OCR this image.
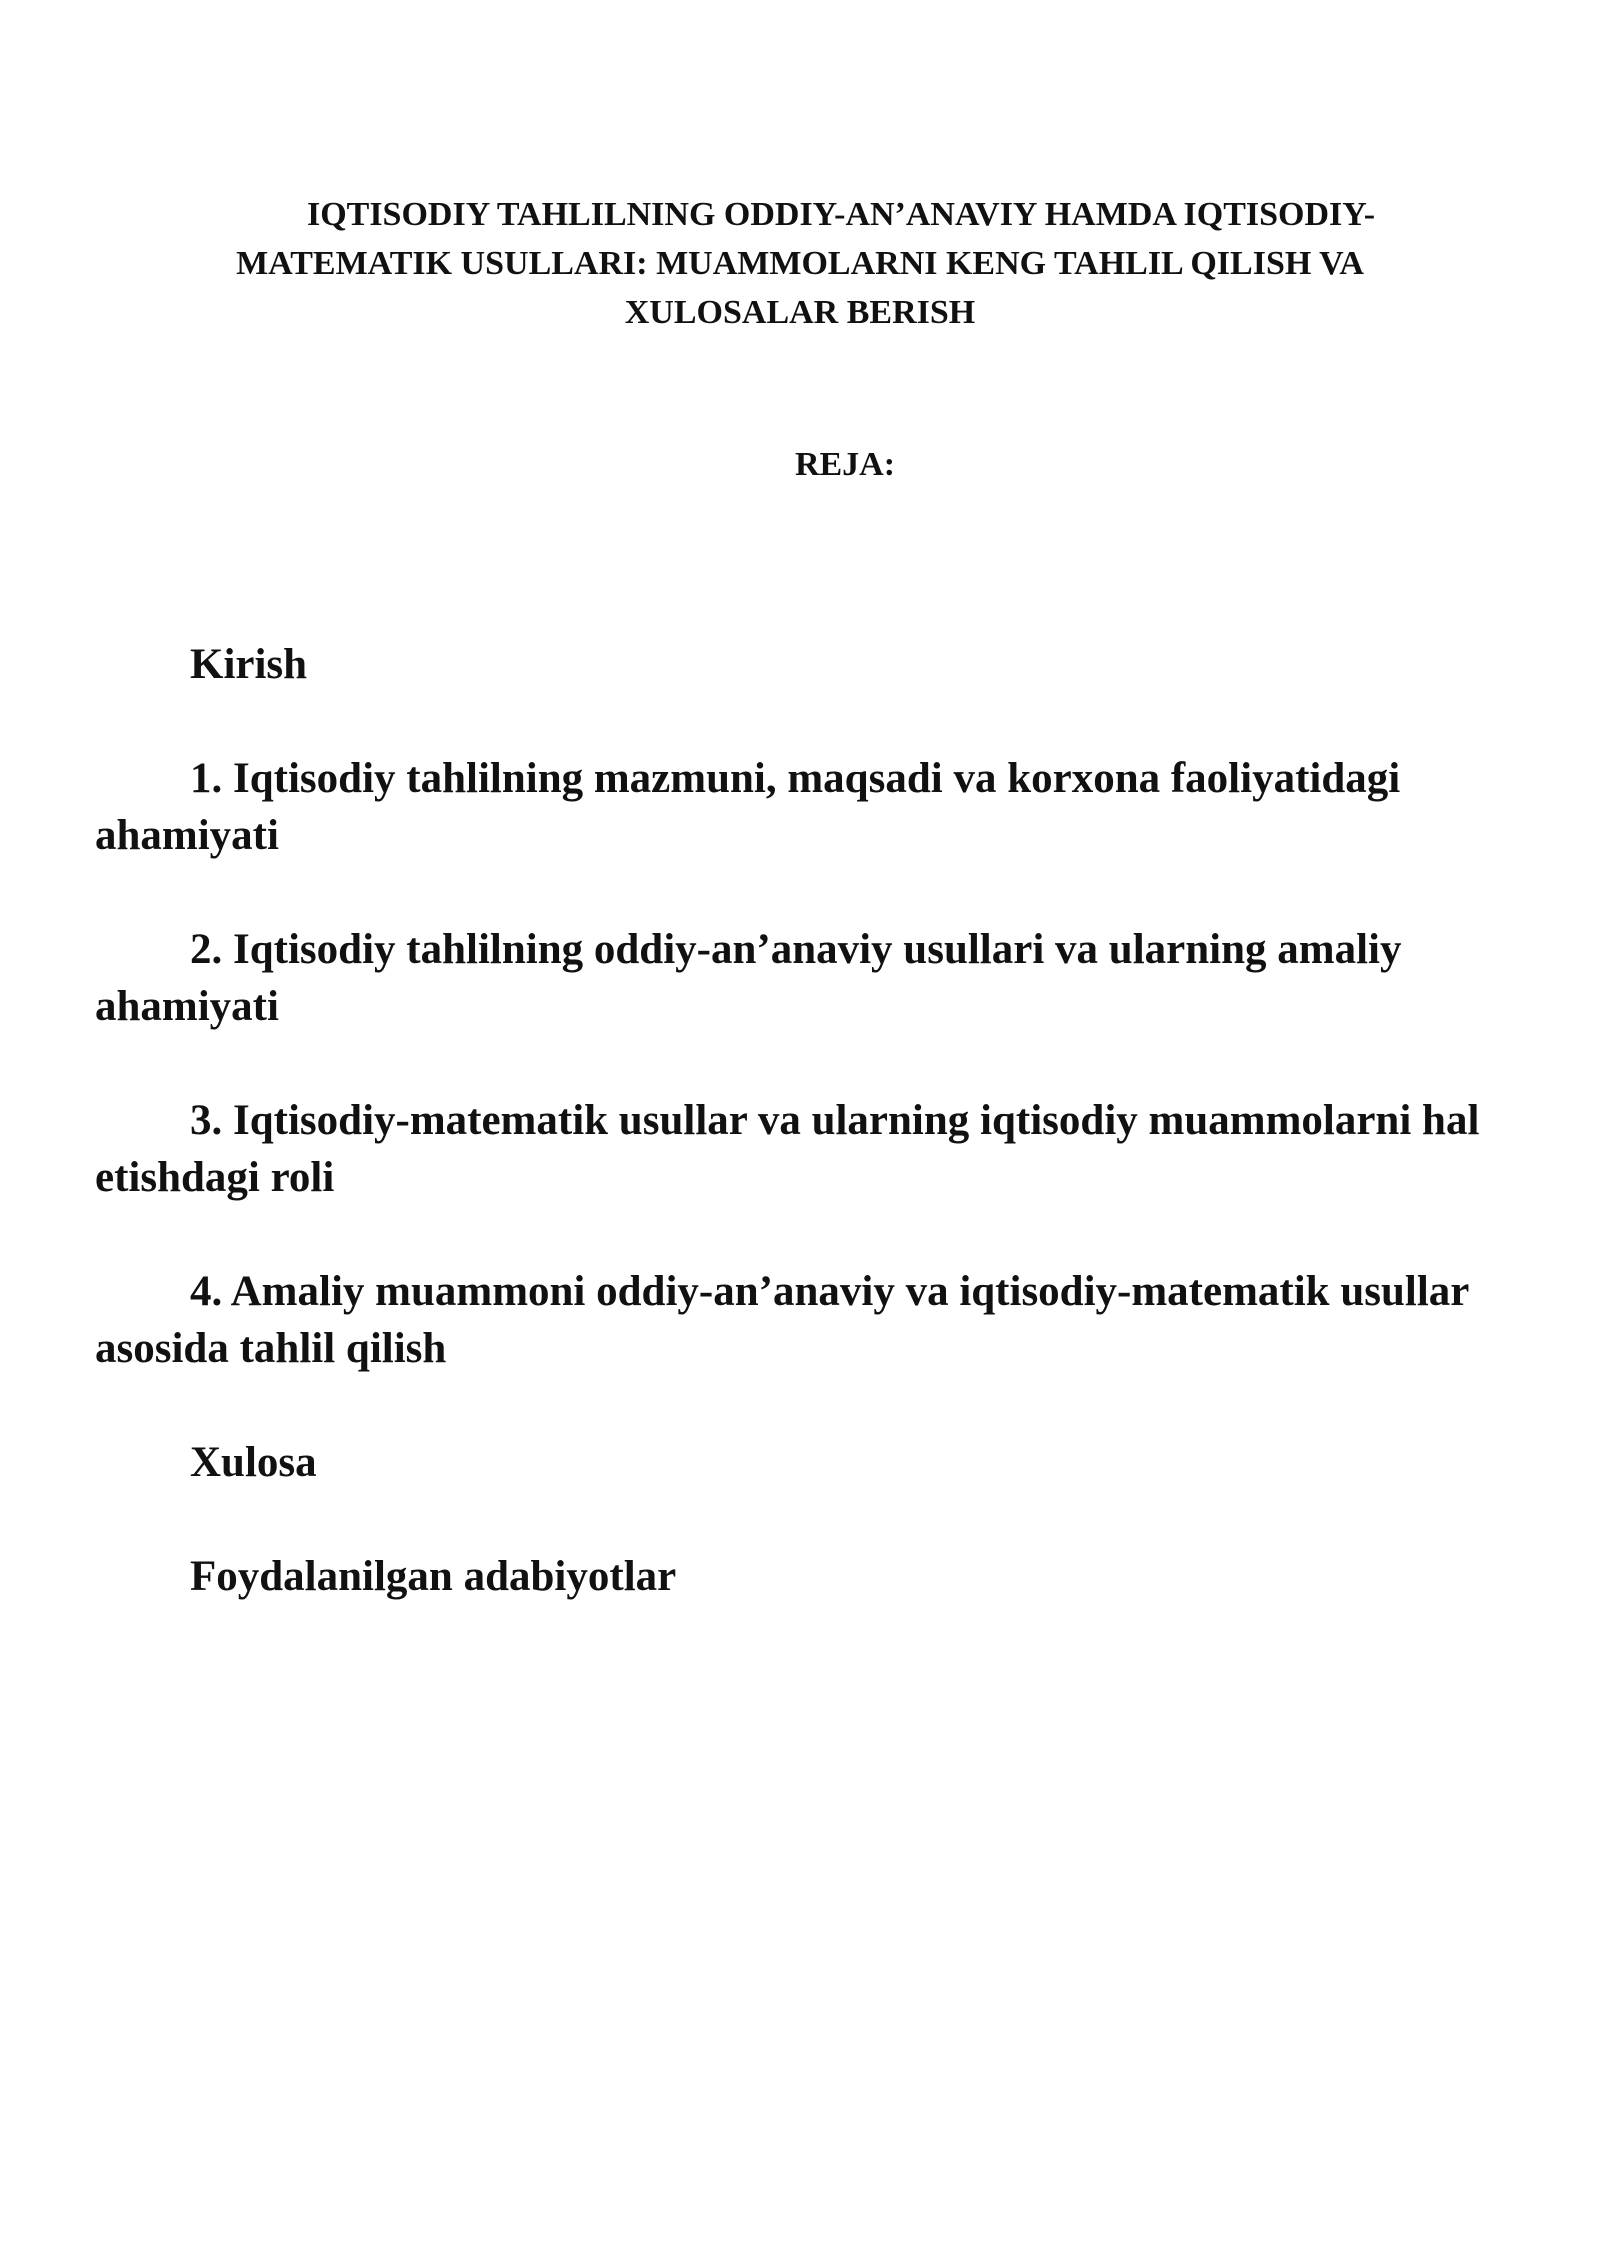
IQTISODIY TAHLILNING ODDIY-AN’ANAVIY HAMDA IQTISODIY-MATEMATIK USULLARI: MUAMMOLARNI KENG TAHLIL QILISH VA XULOSALAR BERISH
REJA:
Kirish
1. Iqtisodiy tahlilning mazmuni, maqsadi va korxona faoliyatidagi ahamiyati
2. Iqtisodiy tahlilning oddiy-an’anaviy usullari va ularning amaliy ahamiyati
3. Iqtisodiy-matematik usullar va ularning iqtisodiy muammolarni hal etishdagi roli
4. Amaliy muammoni oddiy-an’anaviy va iqtisodiy-matematik usullar asosida tahlil qilish
Xulosa
Foydalanilgan adabiyotlar
